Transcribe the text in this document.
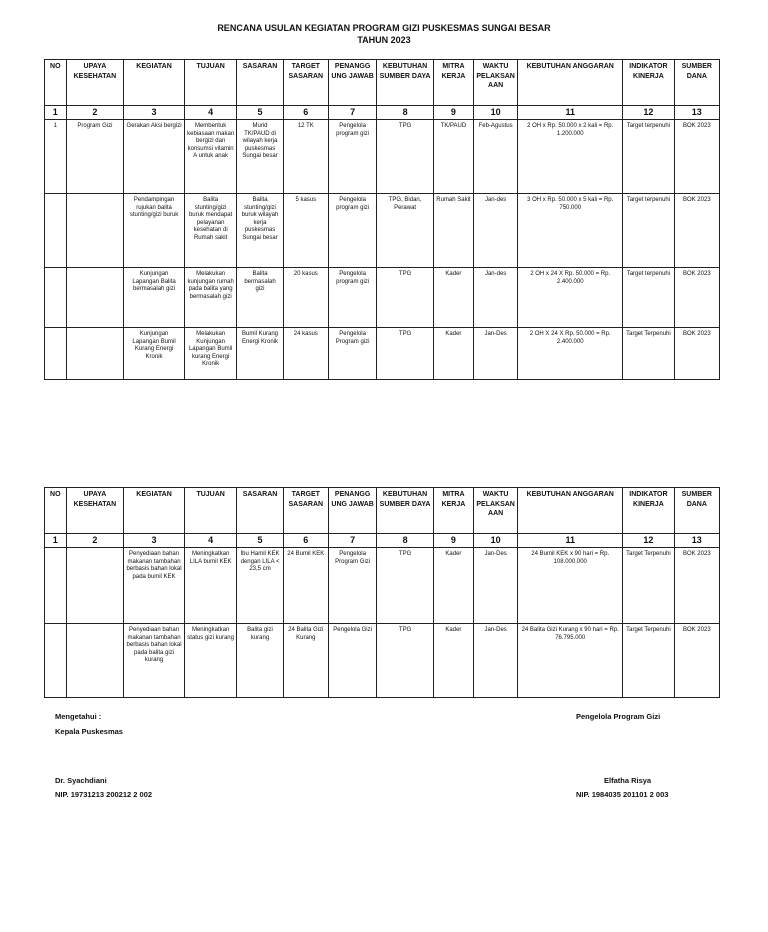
RENCANA USULAN KEGIATAN PROGRAM GIZI PUSKESMAS SUNGAI BESAR
TAHUN 2023
NO	UPAYA KESEHATAN	KEGIATAN	TUJUAN	SASARAN	TARGET SASARAN	PENANGG UNG JAWAB	KEBUTUHAN SUMBER DAYA	MITRA KERJA	WAKTU PELAKSAN AAN	KEBUTUHAN ANGGARAN	INDIKATOR KINERJA	SUMBER DANA
1	2	3	4	5	6	7	8	9	10	11	12	13
1	Program Gizi	Gerakan Aksi bergizi	Membentuk kebiasaan makan bergizi dan konsumsi vitamin A untuk anak	Murid TK/PAUD di wilayah kerja puskesmas Sungai besar	12 TK	Pengelola program gizi	TPG	TK/PAUD	Feb-Agustus	2 OH x Rp. 50.000 x 2 kali = Rp. 1.200.000	Target terpenuhi	BOK 2023
		Pendampingan rujukan balita stunting/gizi buruk	Balita stunting/gizi buruk mendapat pelayanan kesehatan di Rumah sakit	Balita stunting/gizi buruk wilayah kerja puskesmas Sungai besar	5 kasus	Pengelola program gizi	TPG, Bidan, Perawat	Rumah Sakit	Jan-des	3 OH x Rp. 50.000 x 5 kali = Rp. 750.000	Target terpenuhi	BOK 2023
		Kunjungan Lapangan Balita bermasalah gizi	Melakukan kunjungan rumah pada balita yang bermasalah gizi	Balita bermasalah gizi	20 kasus	Pengelola program gizi	TPG	Kader	Jan-des	2 OH x 24 X Rp. 50.000 = Rp. 2.400.000	Target terpenuhi	BOK 2023
		Kunjungan Lapangan Bumil Kurang Energi Kronik	Melakukan Kunjungan Lapangan Bumil kurang Energi Kronik	Bumil Kurang Energi Kronik	24 kasus	Pengelola Program gizi	TPG	Kader	Jan-Des	2 OH X 24 X Rp. 50.000 = Rp. 2.400.000	Target Terpenuhi	BOK 2023
NO	UPAYA KESEHATAN	KEGIATAN	TUJUAN	SASARAN	TARGET SASARAN	PENANGG UNG JAWAB	KEBUTUHAN SUMBER DAYA	MITRA KERJA	WAKTU PELAKSAN AAN	KEBUTUHAN ANGGARAN	INDIKATOR KINERJA	SUMBER DANA
1	2	3	4	5	6	7	8	9	10	11	12	13
		Penyediaan bahan makanan tambahan berbasis bahan lokal pada bumil KEK	Meningkatkan LILA bumil KEK	Ibu Hamil KEK dengan LILA < 23,5 cm	24 Bumil KEK	Pengelola Program Gizi	TPG	Kader	Jan-Des	24 Bumil KEK x 90 hari = Rp. 108.000.000	Target Terpenuhi	BOK 2023
		Penyediaan bahan makanan tambahan berbasis bahan lokal pada balita gizi kurang	Meningkatkan status gizi kurang	Balita gizi kurang	24 Balita Gizi Kurang	Pengelola Gizi	TPG	Kader	Jan-Des	24 Balita Gizi Kurang x 90 hari = Rp. 76.795.000	Target Terpenuhi	BOK 2023
Mengetahui :
Kepala Puskesmas
Dr. Syachdiani
NIP. 19731213 200212 2 002
Pengelola Program Gizi
Elfatha Risya
NIP. 1984035 201101 2 003
